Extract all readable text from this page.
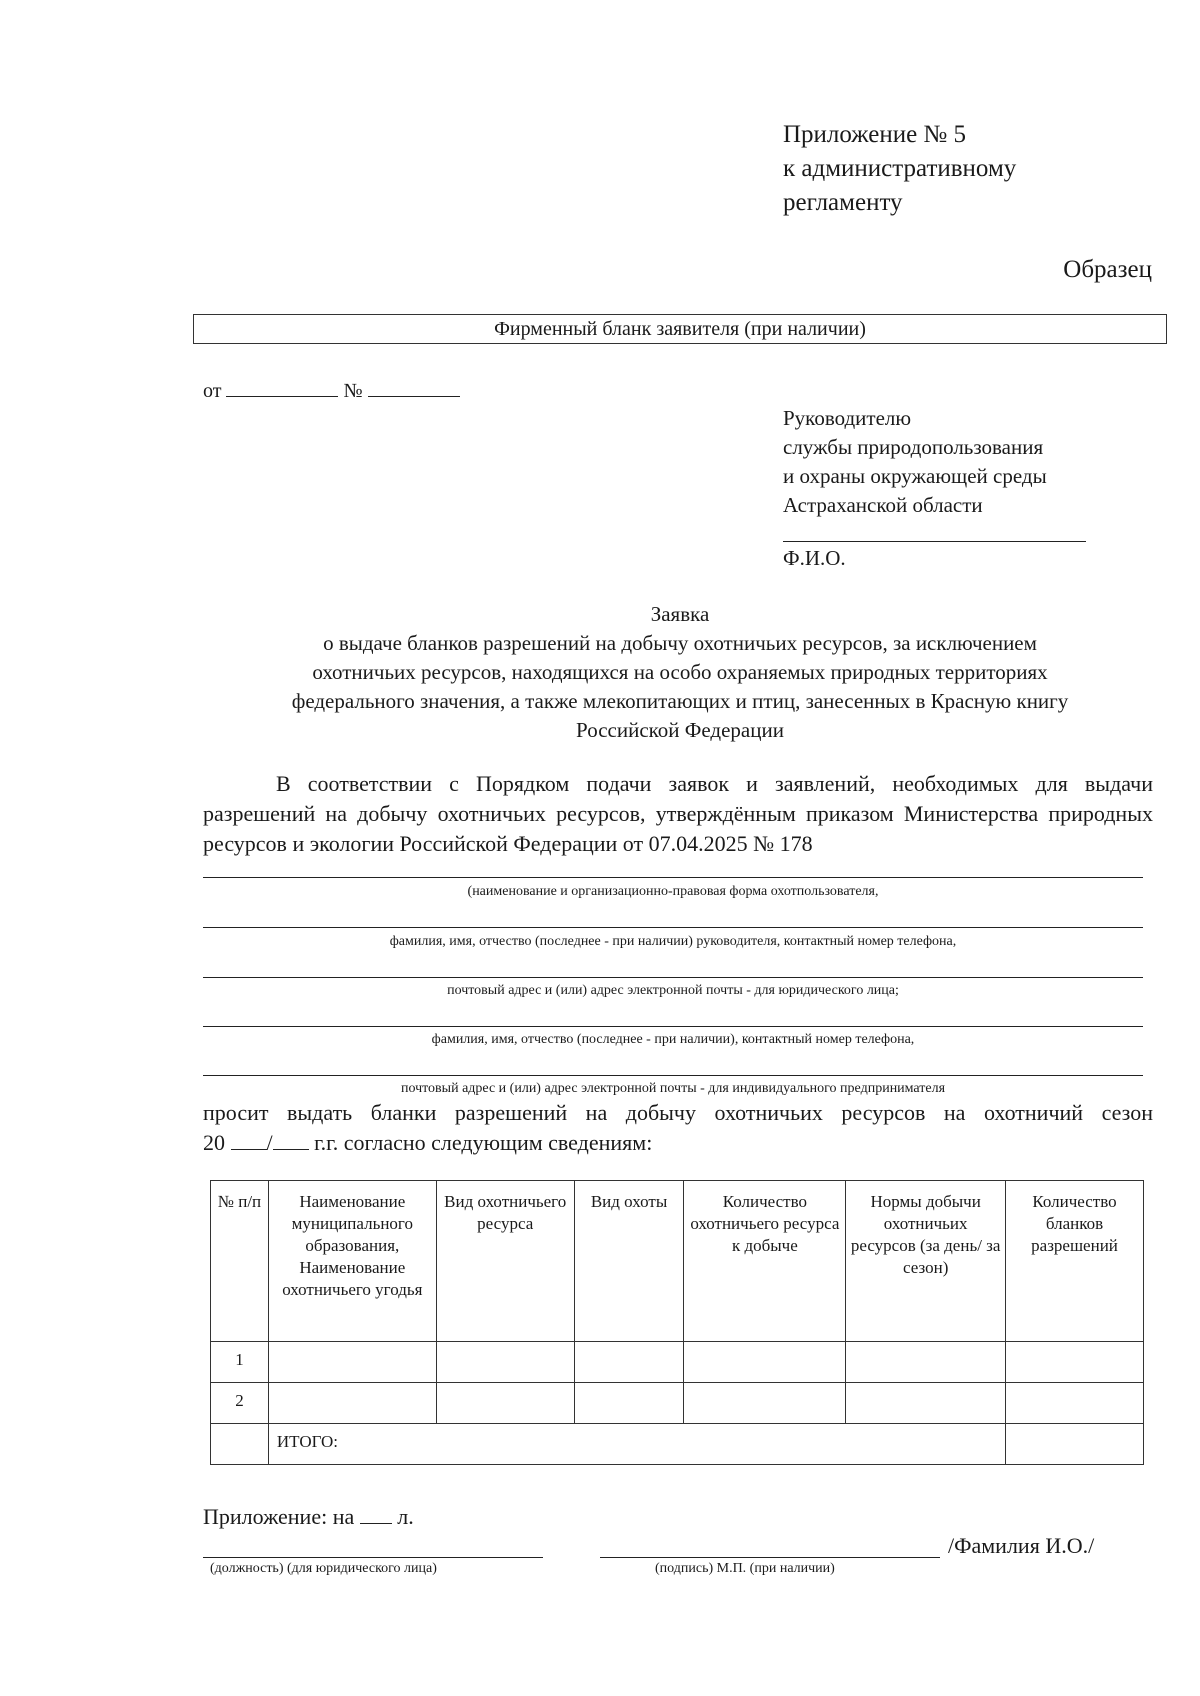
Приложение № 5
к административному
регламенту
Образец
Фирменный бланк заявителя (при наличии)
от	№
Руководителю
службы природопользования
и охраны окружающей среды
Астраханской области
Ф.И.О.
Заявка
о выдаче бланков разрешений на добычу охотничьих ресурсов, за исключением
охотничьих ресурсов, находящихся на особо охраняемых природных территориях
федерального значения, а также млекопитающих и птиц, занесенных в Красную книгу
Российской Федерации
В соответствии с Порядком подачи заявок и заявлений, необходимых для выдачи разрешений на добычу охотничьих ресурсов, утверждённым приказом Министерства природных ресурсов и экологии Российской Федерации от 07.04.2025 № 178
(наименование и организационно-правовая форма охотпользователя,
фамилия, имя, отчество (последнее - при наличии) руководителя, контактный номер телефона,
почтовый адрес и (или) адрес электронной почты - для юридического лица;
фамилия, имя, отчество (последнее - при наличии), контактный номер телефона,
почтовый адрес и (или) адрес электронной почты - для индивидуального предпринимателя
просит выдать бланки разрешений на добычу охотничьих ресурсов на охотничий сезон
20 / г.г. согласно следующим сведениям:
№ п/п	Наименование муниципального образования, Наименование охотничьего угодья	Вид охотничьего ресурса	Вид охоты	Количество охотничьего ресурса к добыче	Нормы добычи охотничьих ресурсов (за день/ за сезон)	Количество бланков разрешений
1						
2						
	ИТОГО:					
Приложение: на л.
/Фамилия И.О./
(должность) (для юридического лица)	(подпись) М.П. (при наличии)
